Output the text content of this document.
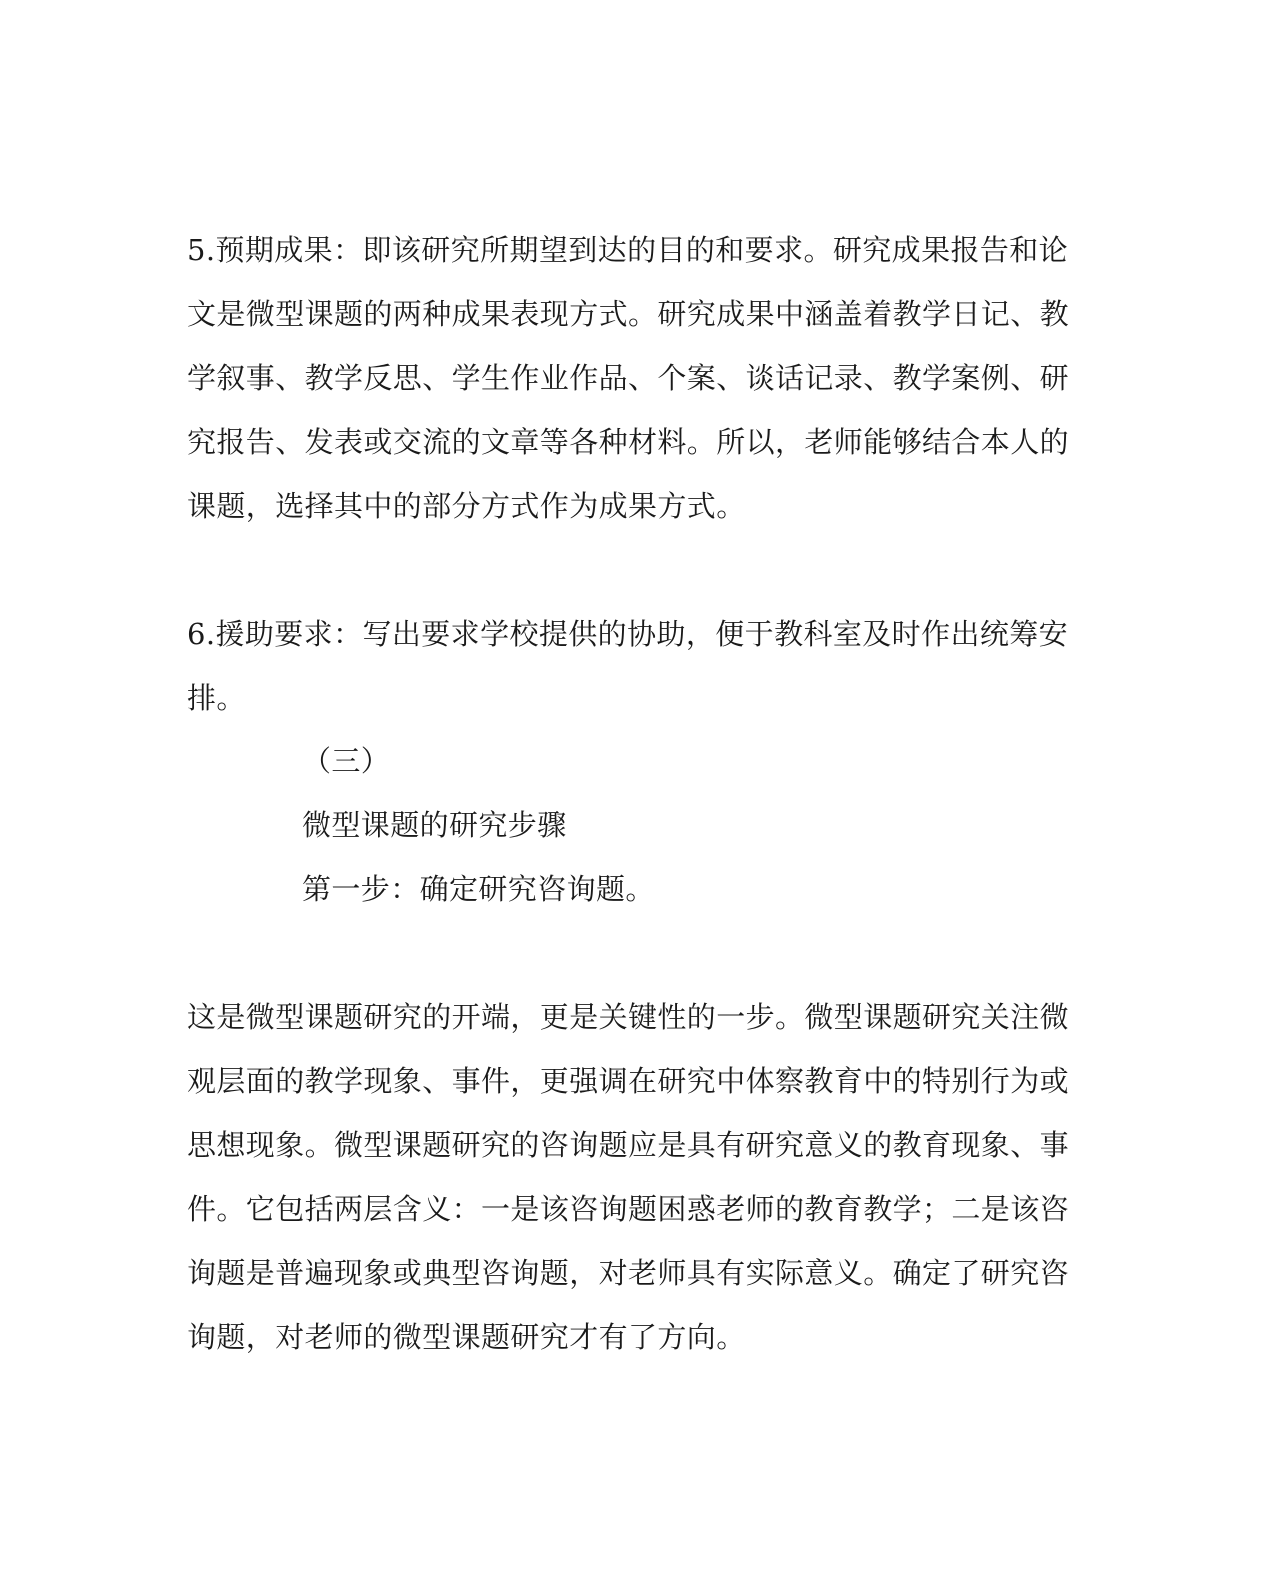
5.预期成果：即该研究所期望到达的目的和要求。研究成果报告和论
文是微型课题的两种成果表现方式。研究成果中涵盖着教学日记、教
学叙事、教学反思、学生作业作品、个案、谈话记录、教学案例、研
究报告、发表或交流的文章等各种材料。所以，老师能够结合本人的
课题，选择其中的部分方式作为成果方式。
6.援助要求：写出要求学校提供的协助，便于教科室及时作出统筹安
排。
（三）
微型课题的研究步骤
第一步：确定研究咨询题。
这是微型课题研究的开端，更是关键性的一步。微型课题研究关注微
观层面的教学现象、事件，更强调在研究中体察教育中的特别行为或
思想现象。微型课题研究的咨询题应是具有研究意义的教育现象、事
件。它包括两层含义：一是该咨询题困惑老师的教育教学；二是该咨
询题是普遍现象或典型咨询题，对老师具有实际意义。确定了研究咨
询题，对老师的微型课题研究才有了方向。
